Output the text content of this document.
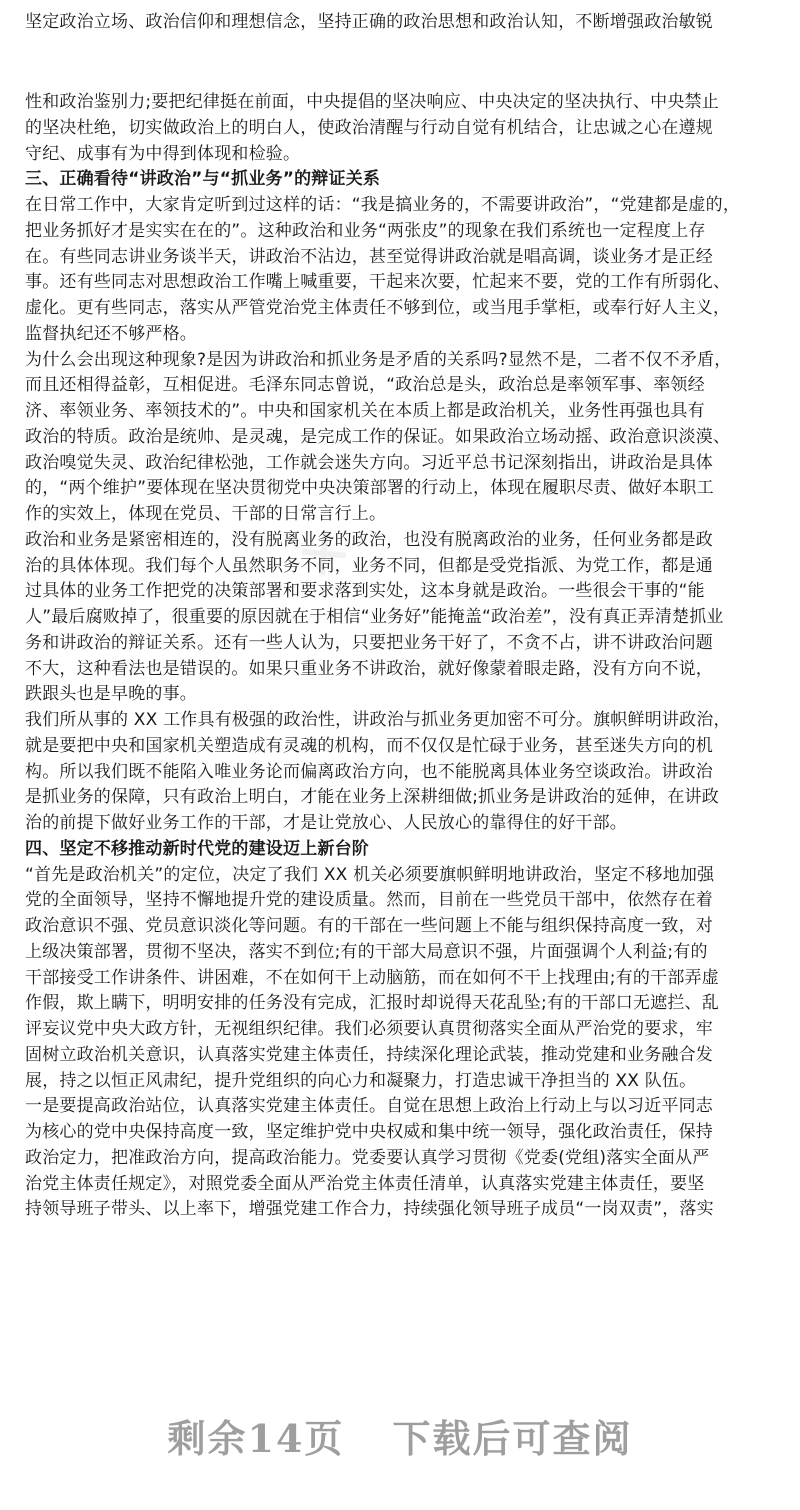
坚定政治立场、政治信仰和理想信念，坚持正确的政治思想和政治认知，不断增强政治敏锐
性和政治鉴别力;要把纪律挺在前面，中央提倡的坚决响应、中央决定的坚决执行、中央禁止
的坚决杜绝，切实做政治上的明白人，使政治清醒与行动自觉有机结合，让忠诚之心在遵规
守纪、成事有为中得到体现和检验。
三、正确看待“讲政治”与“抓业务”的辩证关系
在日常工作中，大家肯定听到过这样的话：“我是搞业务的，不需要讲政治”，“党建都是虚的，
把业务抓好才是实实在在的”。这种政治和业务“两张皮”的现象在我们系统也一定程度上存
在。有些同志讲业务谈半天，讲政治不沾边，甚至觉得讲政治就是唱高调，谈业务才是正经
事。还有些同志对思想政治工作嘴上喊重要，干起来次要，忙起来不要，党的工作有所弱化、
虚化。更有些同志，落实从严管党治党主体责任不够到位，或当甩手掌柜，或奉行好人主义，
监督执纪还不够严格。
为什么会出现这种现象?是因为讲政治和抓业务是矛盾的关系吗?显然不是，二者不仅不矛盾，
而且还相得益彰，互相促进。毛泽东同志曾说，“政治总是头，政治总是率领军事、率领经
济、率领业务、率领技术的”。中央和国家机关在本质上都是政治机关，业务性再强也具有
政治的特质。政治是统帅、是灵魂，是完成工作的保证。如果政治立场动摇、政治意识淡漠、
政治嗅觉失灵、政治纪律松弛，工作就会迷失方向。习近平总书记深刻指出，讲政治是具体
的，“两个维护”要体现在坚决贯彻党中央决策部署的行动上，体现在履职尽责、做好本职工
作的实效上，体现在党员、干部的日常言行上。
政治和业务是紧密相连的，没有脱离业务的政治，也没有脱离政治的业务，任何业务都是政
治的具体体现。我们每个人虽然职务不同，业务不同，但都是受党指派、为党工作，都是通
过具体的业务工作把党的决策部署和要求落到实处，这本身就是政治。一些很会干事的“能
人”最后腐败掉了，很重要的原因就在于相信“业务好”能掩盖“政治差”，没有真正弄清楚抓业
务和讲政治的辩证关系。还有一些人认为，只要把业务干好了，不贪不占，讲不讲政治问题
不大，这种看法也是错误的。如果只重业务不讲政治，就好像蒙着眼走路，没有方向不说，
跌跟头也是早晚的事。
我们所从事的 XX 工作具有极强的政治性，讲政治与抓业务更加密不可分。旗帜鲜明讲政治，
就是要把中央和国家机关塑造成有灵魂的机构，而不仅仅是忙碌于业务，甚至迷失方向的机
构。所以我们既不能陷入唯业务论而偏离政治方向，也不能脱离具体业务空谈政治。讲政治
是抓业务的保障，只有政治上明白，才能在业务上深耕细做;抓业务是讲政治的延伸，在讲政
治的前提下做好业务工作的干部，才是让党放心、人民放心的靠得住的好干部。
四、坚定不移推动新时代党的建设迈上新台阶
“首先是政治机关”的定位，决定了我们 XX 机关必须要旗帜鲜明地讲政治，坚定不移地加强
党的全面领导，坚持不懈地提升党的建设质量。然而，目前在一些党员干部中，依然存在着
政治意识不强、党员意识淡化等问题。有的干部在一些问题上不能与组织保持高度一致，对
上级决策部署，贯彻不坚决，落实不到位;有的干部大局意识不强，片面强调个人利益;有的
干部接受工作讲条件、讲困难，不在如何干上动脑筋，而在如何不干上找理由;有的干部弄虚
作假，欺上瞒下，明明安排的任务没有完成，汇报时却说得天花乱坠;有的干部口无遮拦、乱
评妄议党中央大政方针，无视组织纪律。我们必须要认真贯彻落实全面从严治党的要求，牢
固树立政治机关意识，认真落实党建主体责任，持续深化理论武装，推动党建和业务融合发
展，持之以恒正风肃纪，提升党组织的向心力和凝聚力，打造忠诚干净担当的 XX 队伍。
一是要提高政治站位，认真落实党建主体责任。自觉在思想上政治上行动上与以习近平同志
为核心的党中央保持高度一致，坚定维护党中央权威和集中统一领导，强化政治责任，保持
政治定力，把准政治方向，提高政治能力。党委要认真学习贯彻《党委(党组)落实全面从严
治党主体责任规定》，对照党委全面从严治党主体责任清单，认真落实党建主体责任，要坚
持领导班子带头、以上率下，增强党建工作合力，持续强化领导班子成员“一岗双责”，落实
✕
剩余14页 下载后可查阅
